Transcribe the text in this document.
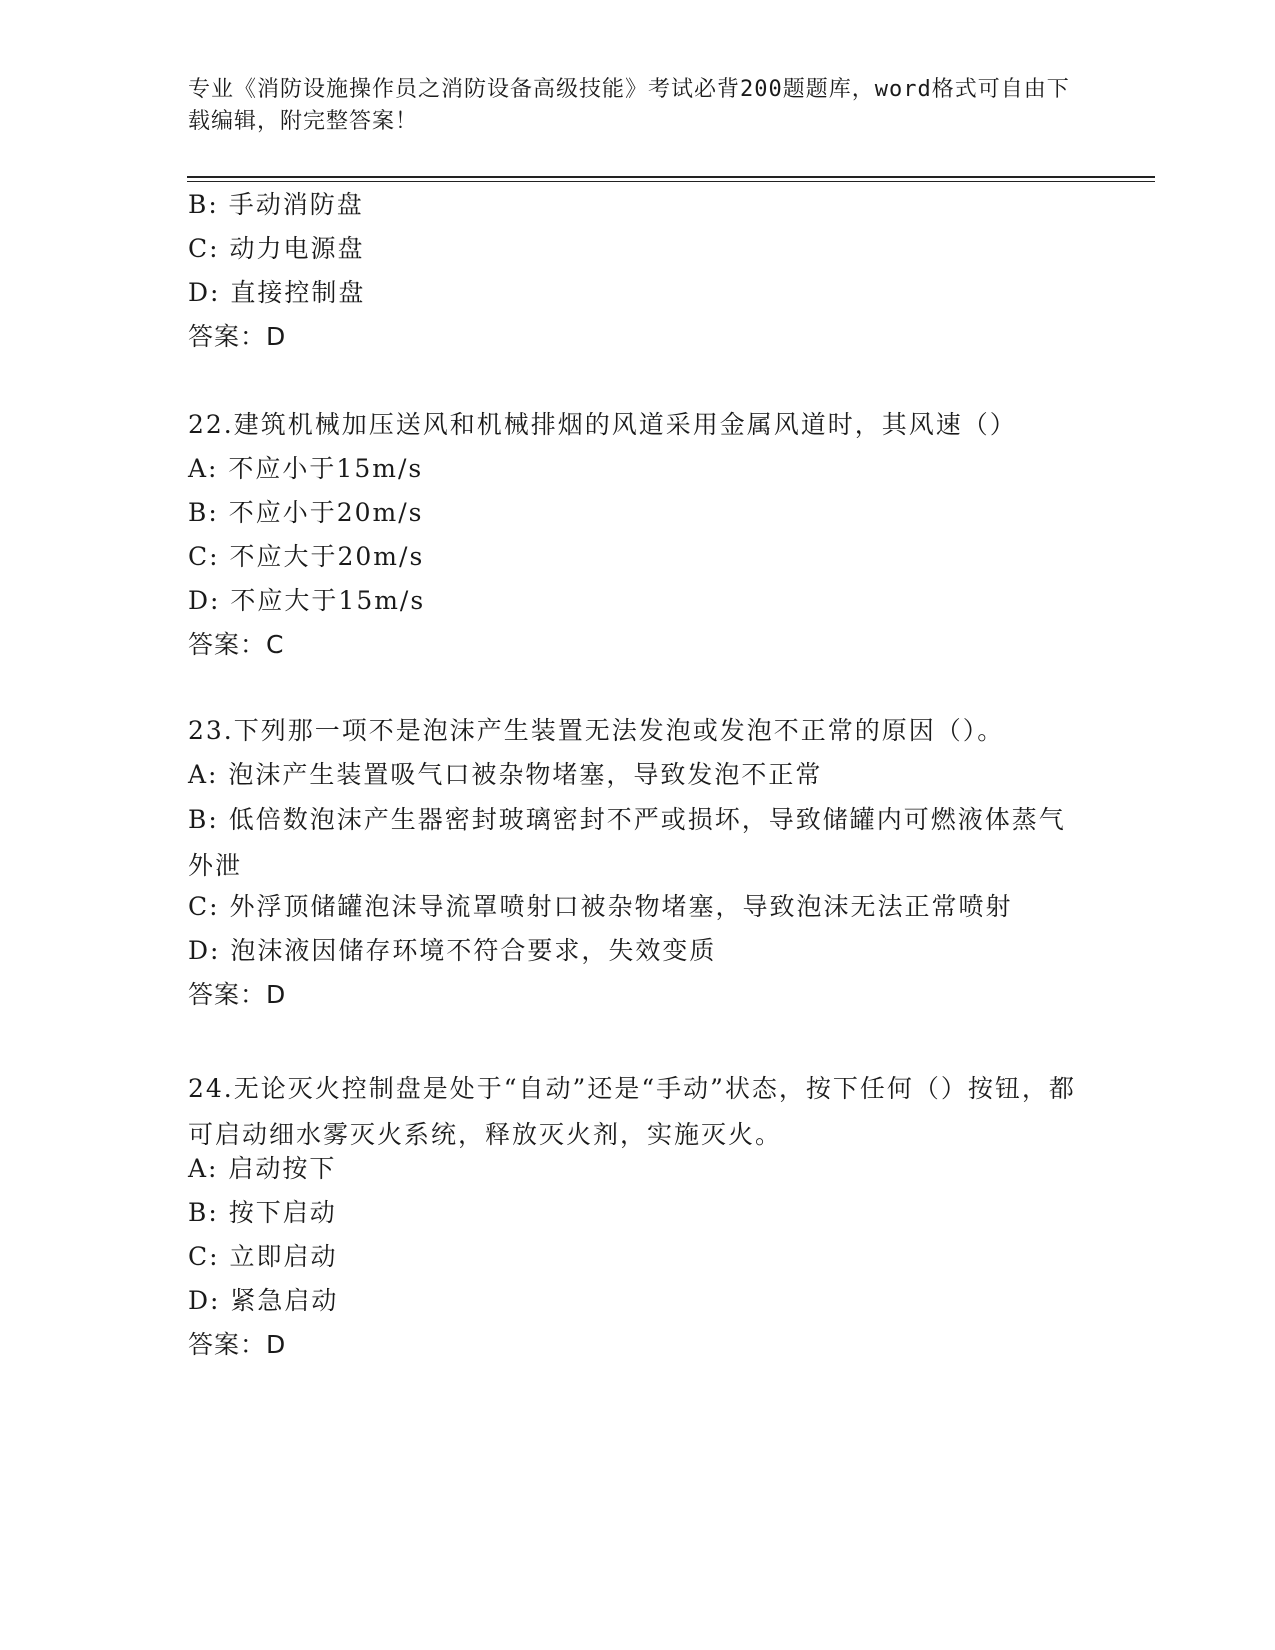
专业《消防设施操作员之消防设备高级技能》考试必背200题题库，word格式可自由下载编辑，附完整答案！
B: 手动消防盘
C: 动力电源盘
D: 直接控制盘
答案：D
22.建筑机械加压送风和机械排烟的风道采用金属风道时，其风速（）
A: 不应小于15m/s
B: 不应小于20m/s
C: 不应大于20m/s
D: 不应大于15m/s
答案：C
23.下列那一项不是泡沫产生装置无法发泡或发泡不正常的原因（）。
A: 泡沫产生装置吸气口被杂物堵塞，导致发泡不正常
B: 低倍数泡沫产生器密封玻璃密封不严或损坏，导致储罐内可燃液体蒸气外泄
C: 外浮顶储罐泡沫导流罩喷射口被杂物堵塞，导致泡沫无法正常喷射
D: 泡沫液因储存环境不符合要求，失效变质
答案：D
24.无论灭火控制盘是处于“自动”还是“手动”状态，按下任何（）按钮，都可启动细水雾灭火系统，释放灭火剂，实施灭火。
A: 启动按下
B: 按下启动
C: 立即启动
D: 紧急启动
答案：D
